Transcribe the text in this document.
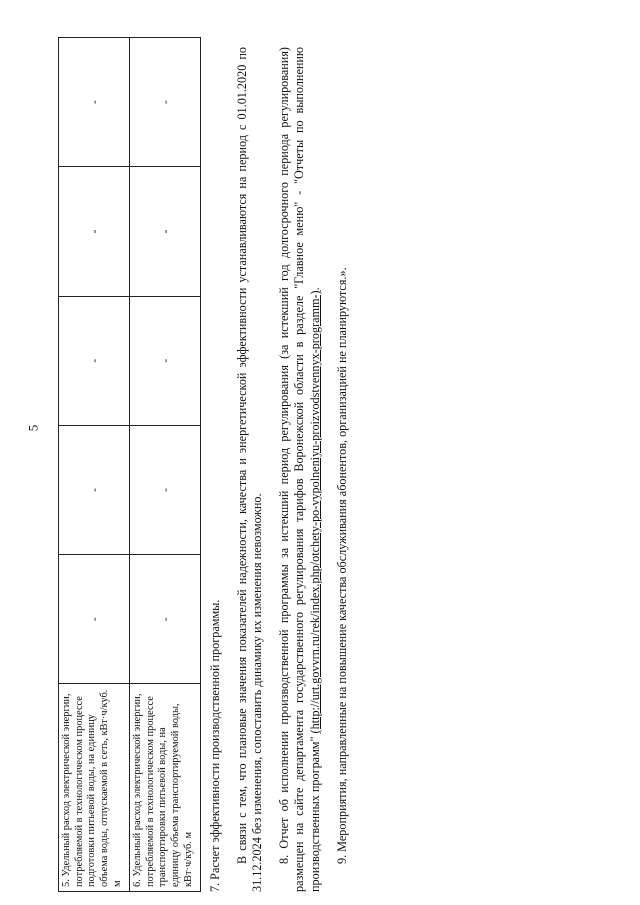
5
5. Удельный расход электрической энергии, потребляемой в технологическом процессе подготовки питьевой воды, на единицу объема воды, отпускаемой в сеть, кВт·ч/куб. м	-	-	-	-	-
6. Удельный расход электрической энергии, потребляемой в технологическом процессе транспортировки питьевой воды, на единицу объема транспортируемой воды, кВт·ч/куб. м	-	-	-	-	-

7. Расчет эффективности производственной программы. В связи с тем, что плановые значения показателей надежности, качества и энергетической эффективности устанавливаются на период с 01.01.2020 по 31.12.2024 без изменения, сопоставить динамику их изменения невозможно. 8. Отчет об исполнении производственной программы за истекший период регулирования (за истекший год долгосрочного периода регулирования) размещен на сайте департамента государственного регулирования тарифов Воронежской области в разделе "Главное меню" - "Отчеты по выполнению производственных программ" (http://urt.govvrn.ru/rek/index.php/otchety-po-vypolneniyu-proizvodstvennyx-programm-). 9. Мероприятия, направленные на повышение качества обслуживания абонентов, организацией не планируются.».
